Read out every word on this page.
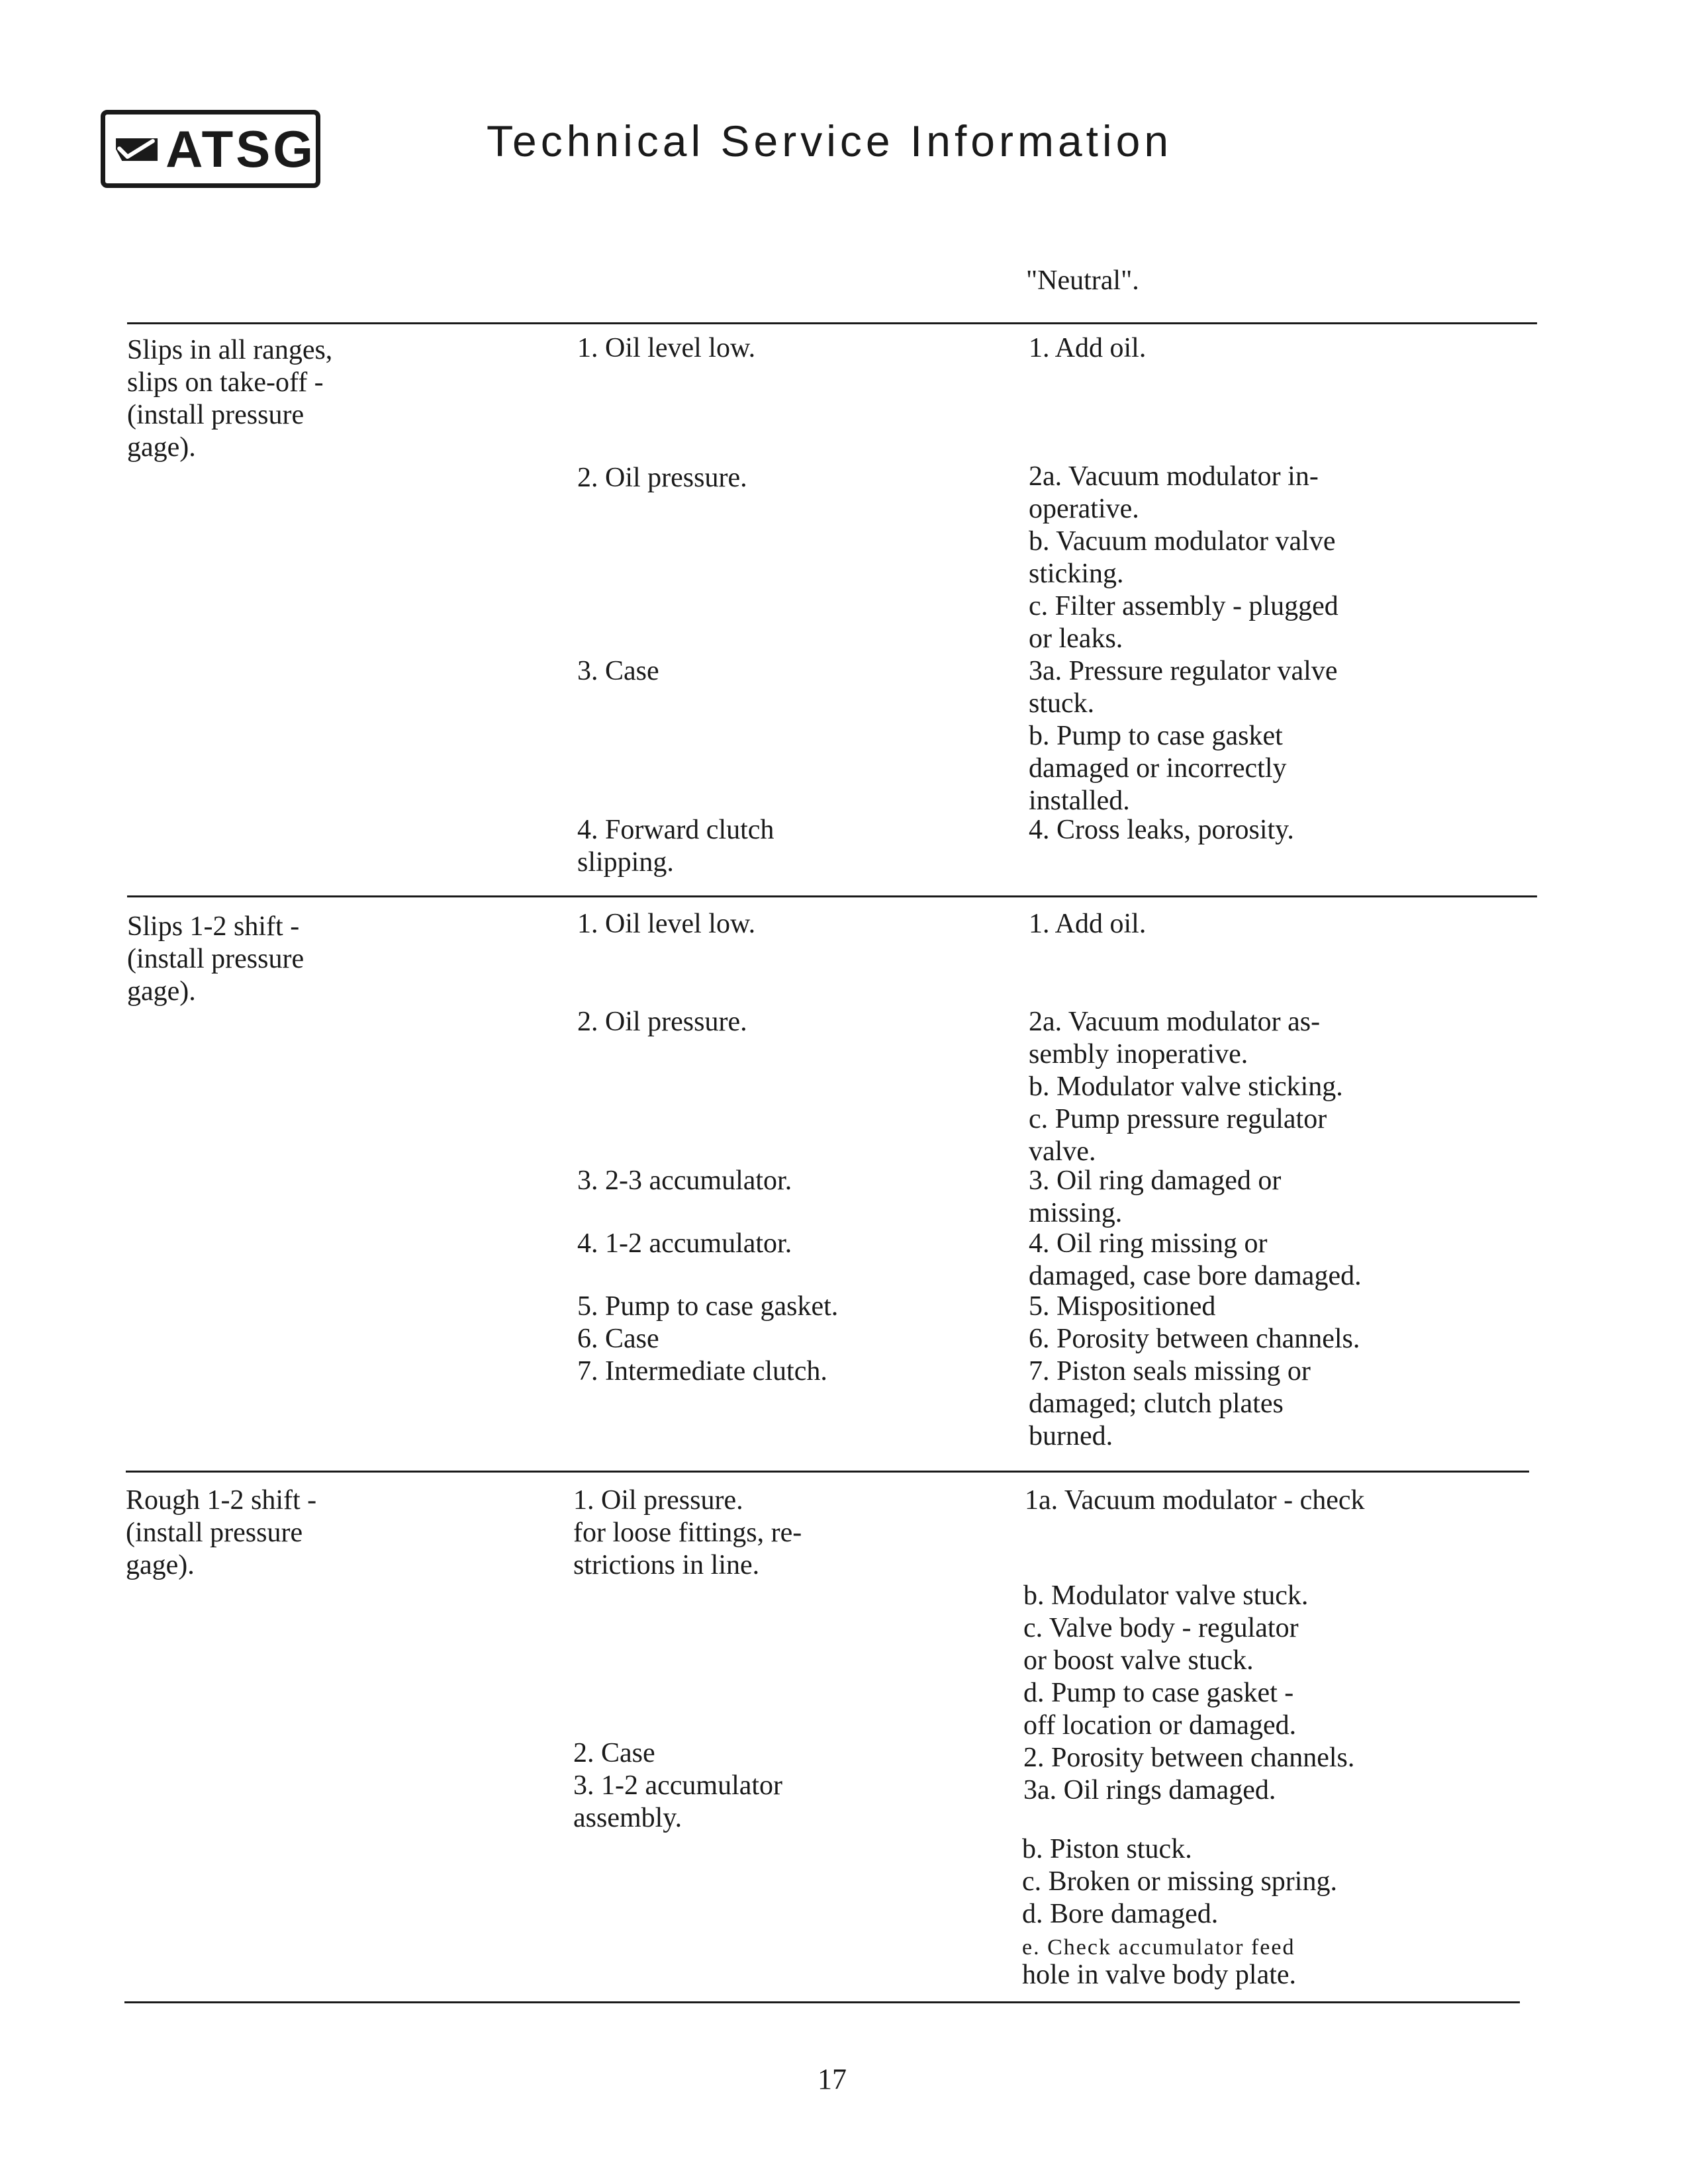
ATSG	Technical Service Information
"Neutral".
Slips in all ranges,
slips on take-off -
(install pressure
gage).
1. Oil level low.
2. Oil pressure.
3. Case
4. Forward clutch
slipping.
1. Add oil.
2a. Vacuum modulator in-
operative.
b. Vacuum modulator valve
sticking.
c. Filter assembly - plugged
or leaks.
3a. Pressure regulator valve
stuck.
b. Pump to case gasket
damaged or incorrectly
installed.
4. Cross leaks, porosity.
Slips 1-2 shift -
(install pressure
gage).
1. Oil level low.
2. Oil pressure.
3. 2-3 accumulator.
4. 1-2 accumulator.
5. Pump to case gasket.
6. Case
7. Intermediate clutch.
1. Add oil.
2a. Vacuum modulator as-
sembly inoperative.
b. Modulator valve sticking.
c. Pump pressure regulator
valve.
3. Oil ring damaged or
missing.
4. Oil ring missing or
damaged, case bore damaged.
5. Mispositioned
6. Porosity between channels.
7. Piston seals missing or
damaged; clutch plates
burned.
Rough 1-2 shift -
(install pressure
gage).
1. Oil pressure.
for loose fittings, re-
strictions in line.
2. Case
3. 1-2 accumulator
assembly.
1a. Vacuum modulator - check
b. Modulator valve stuck.
c. Valve body - regulator
or boost valve stuck.
d. Pump to case gasket -
off location or damaged.
2. Porosity between channels.
3a. Oil rings damaged.
b. Piston stuck.
c. Broken or missing spring.
d. Bore damaged.
e. Check accumulator feed
hole in valve body plate.
17
